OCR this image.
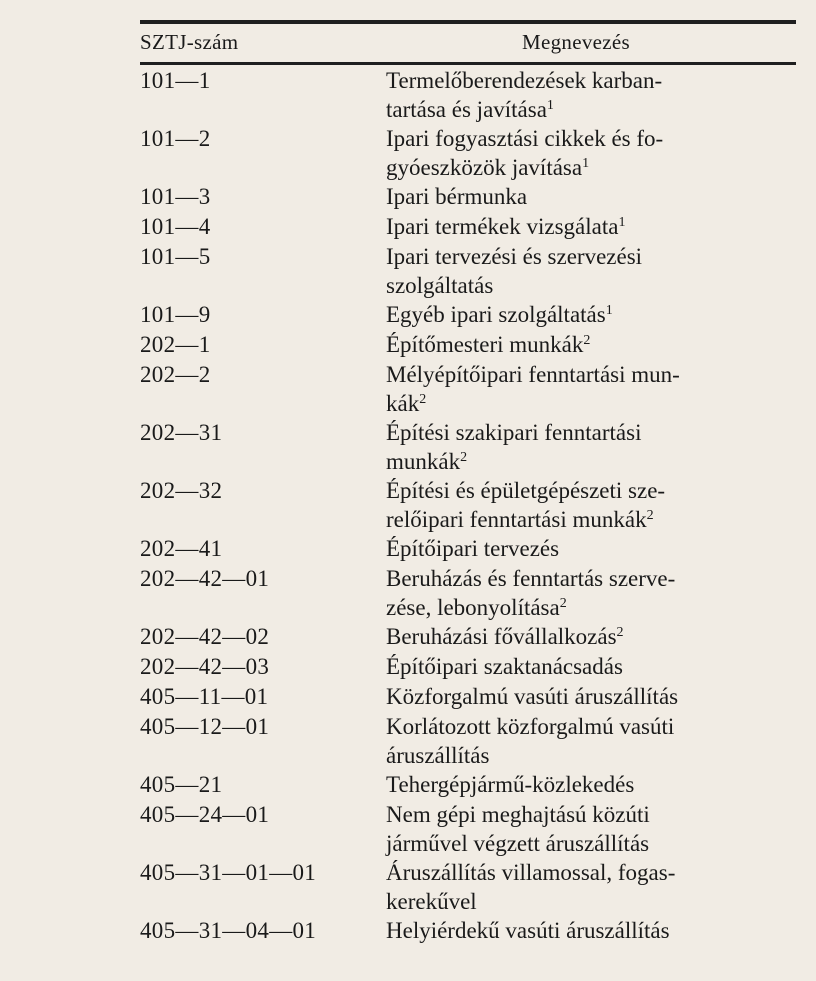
SZTJ-szám	Megnevezés
101—1	Termelőberendezések karban-
tartása és javítása$^1$
101—2	Ipari fogyasztási cikkek és fo-
gyóeszközök javítása$^1$
101—3	Ipari bérmunka
101—4	Ipari termékek vizsgálata$^1$
101—5	Ipari tervezési és szervezési
szolgáltatás
101—9	Egyéb ipari szolgáltatás$^1$
202—1	Építőmesteri munkák$^2$
202—2	Mélyépítőipari fenntartási mun-
kák$^2$
202—31	Építési szakipari fenntartási
munkák$^2$
202—32	Építési és épületgépészeti sze-
relőipari fenntartási munkák$^2$
202—41	Építőipari tervezés
202—42—01	Beruházás és fenntartás szerve-
zése, lebonyolítása$^2$
202—42—02	Beruházási fővállalkozás$^2$
202—42—03	Építőipari szaktanácsadás
405—11—01	Közforgalmú vasúti áruszállítás
405—12—01	Korlátozott közforgalmú vasúti
áruszállítás
405—21	Tehergépjármű-közlekedés
405—24—01	Nem gépi meghajtású közúti
járművel végzett áruszállítás
405—31—01—01	Áruszállítás villamossal, fogas-
kerekűvel
405—31—04—01	Helyiérdekű vasúti áruszállítás
